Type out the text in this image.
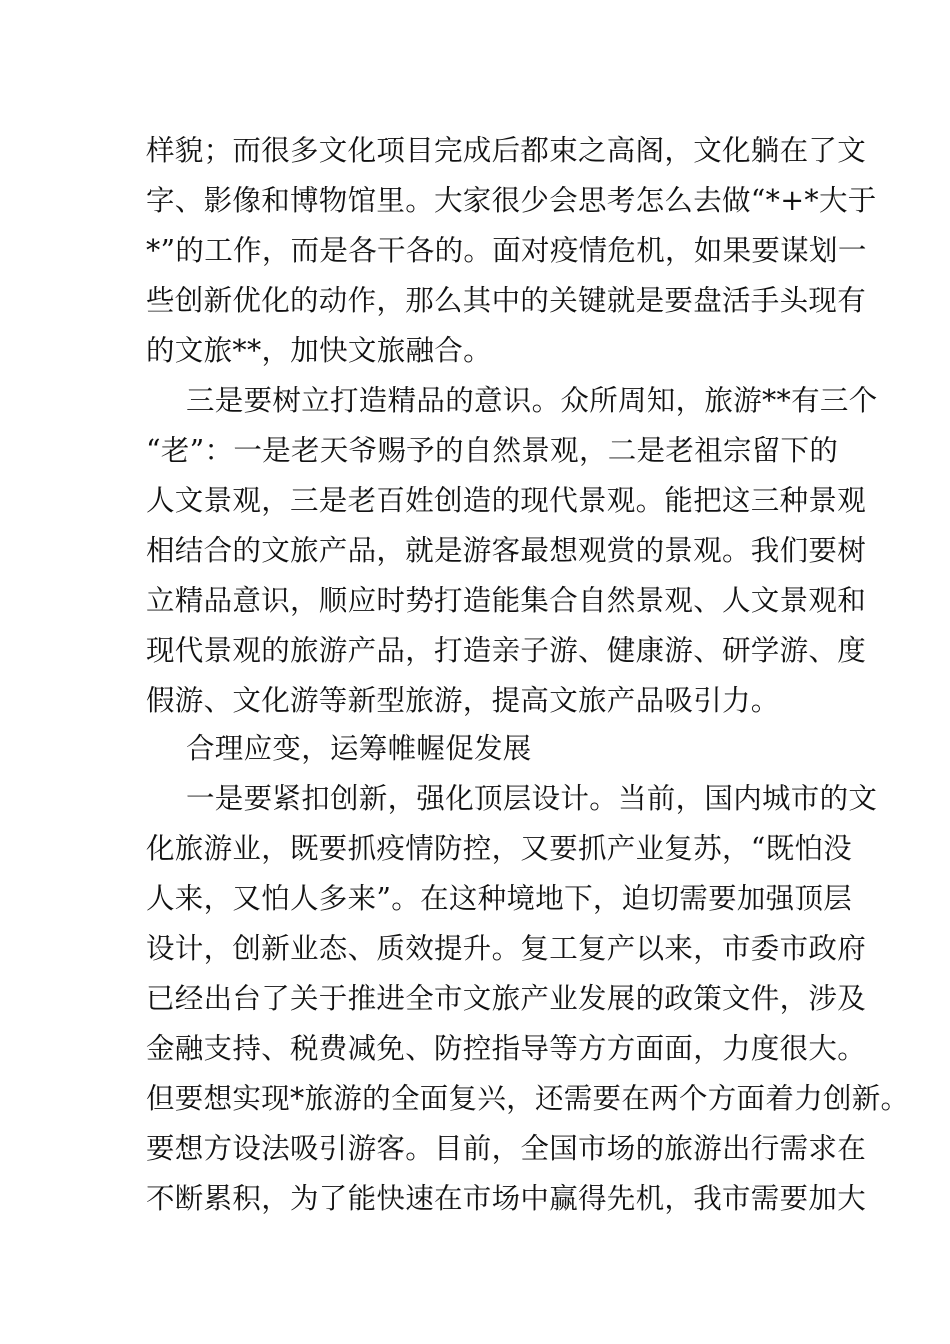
样貌；而很多文化项目完成后都束之高阁，文化躺在了文
字、影像和博物馆里。大家很少会思考怎么去做“*+*大于
*”的工作，而是各干各的。面对疫情危机，如果要谋划一
些创新优化的动作，那么其中的关键就是要盘活手头现有
的文旅**，加快文旅融合。
三是要树立打造精品的意识。众所周知，旅游**有三个
“老”：一是老天爷赐予的自然景观，二是老祖宗留下的
人文景观，三是老百姓创造的现代景观。能把这三种景观
相结合的文旅产品，就是游客最想观赏的景观。我们要树
立精品意识，顺应时势打造能集合自然景观、人文景观和
现代景观的旅游产品，打造亲子游、健康游、研学游、度
假游、文化游等新型旅游，提高文旅产品吸引力。
合理应变，运筹帷幄促发展
一是要紧扣创新，强化顶层设计。当前，国内城市的文
化旅游业，既要抓疫情防控，又要抓产业复苏，“既怕没
人来，又怕人多来”。在这种境地下，迫切需要加强顶层
设计，创新业态、质效提升。复工复产以来，市委市政府
已经出台了关于推进全市文旅产业发展的政策文件，涉及
金融支持、税费减免、防控指导等方方面面，力度很大。
但要想实现*旅游的全面复兴，还需要在两个方面着力创新。
要想方设法吸引游客。目前，全国市场的旅游出行需求在
不断累积，为了能快速在市场中赢得先机，我市需要加大
